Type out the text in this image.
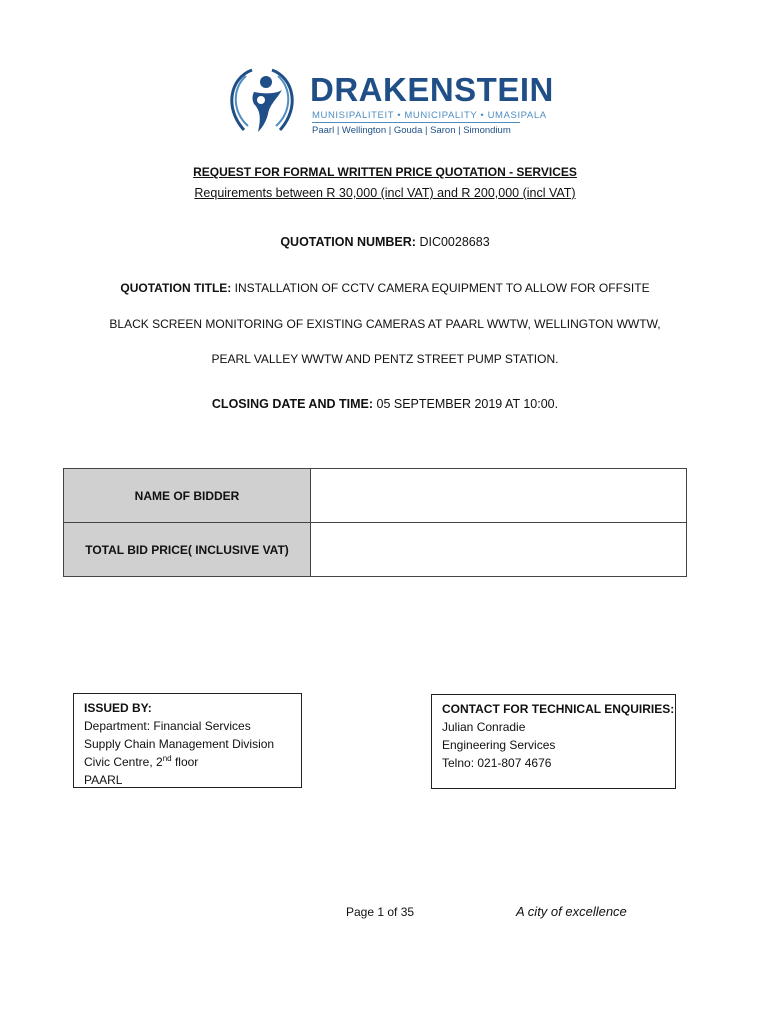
DRAKENSTEIN
MUNISIPALITEIT • MUNICIPALITY • UMASIPALA
Paarl | Wellington | Gouda | Saron | Simondium
REQUEST FOR FORMAL WRITTEN PRICE QUOTATION - SERVICES
Requirements between R 30,000 (incl VAT) and R 200,000 (incl VAT)
QUOTATION NUMBER: DIC0028683
QUOTATION TITLE: INSTALLATION OF CCTV CAMERA EQUIPMENT TO ALLOW FOR OFFSITE
BLACK SCREEN MONITORING OF EXISTING CAMERAS AT PAARL WWTW, WELLINGTON WWTW,
PEARL VALLEY WWTW AND PENTZ STREET PUMP STATION.
CLOSING DATE AND TIME: 05 SEPTEMBER 2019 AT 10:00.
NAME OF BIDDER	
TOTAL BID PRICE( INCLUSIVE VAT)	
ISSUED BY:
Department: Financial Services
Supply Chain Management Division
Civic Centre, 2nd floor
PAARL
CONTACT FOR TECHNICAL ENQUIRIES:
Julian Conradie
Engineering Services
Telno: 021-807 4676
Page 1 of 35	A city of excellence
